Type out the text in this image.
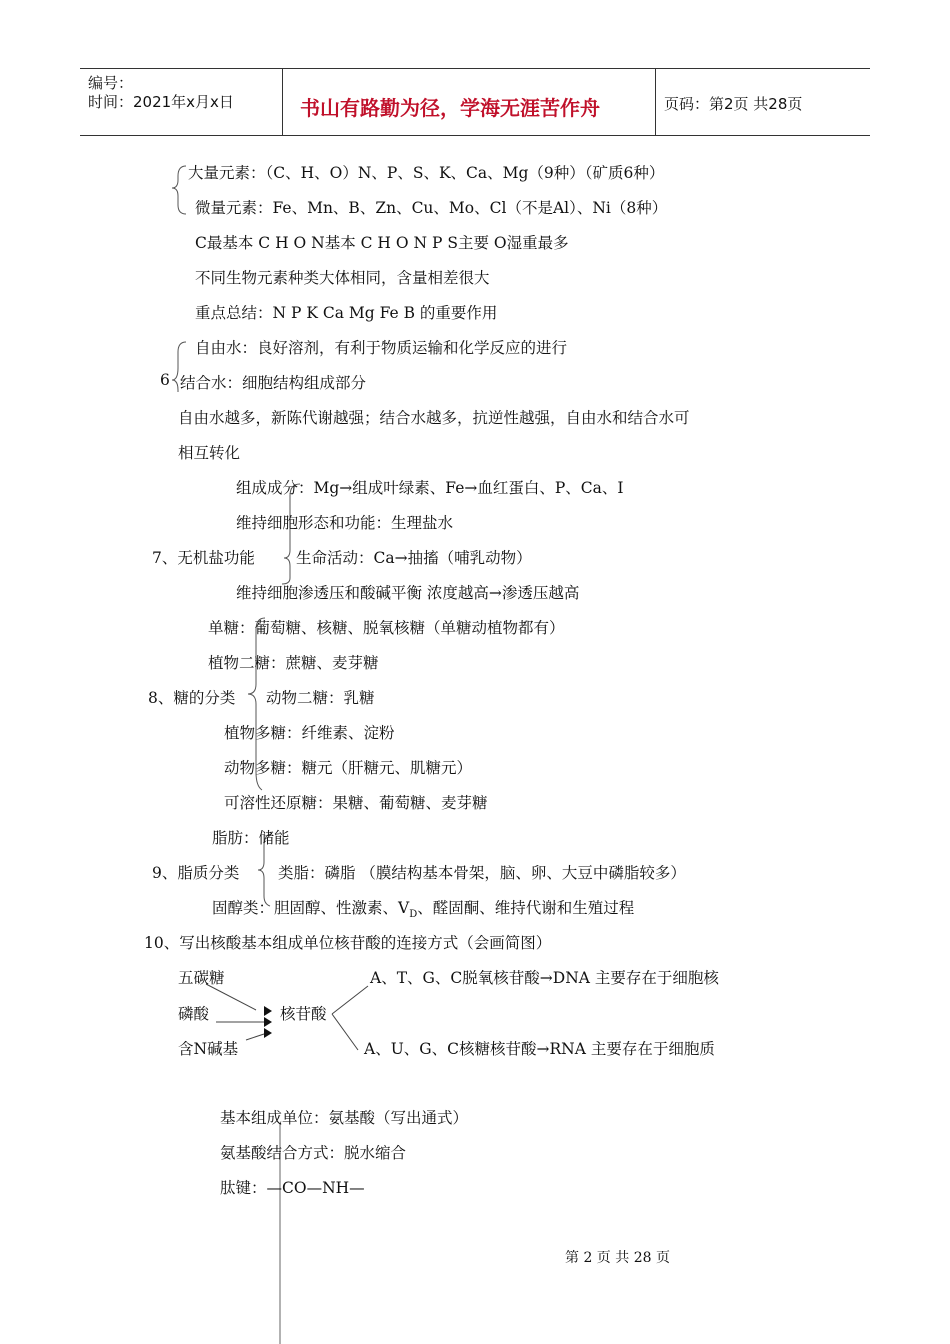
编号：
时间：2021年x月x日	书山有路勤为径，学海无涯苦作舟	页码：第2页 共28页
大量元素：（C、H、O）N、P、S、K、Ca、Mg（9种）（矿质6种）
微量元素：Fe、Mn、B、Zn、Cu、Mo、Cl（不是Al）、Ni（8种）
C最基本 C H O N基本 C H O N P S主要 O湿重最多
不同生物元素种类大体相同，含量相差很大
重点总结：N P K Ca Mg Fe B 的重要作用
自由水：良好溶剂，有利于物质运输和化学反应的进行
6 结合水：细胞结构组成部分
自由水越多，新陈代谢越强；结合水越多，抗逆性越强，自由水和结合水可
相互转化
组成成分：Mg→组成叶绿素、Fe→血红蛋白、P、Ca、I
维持细胞形态和功能：生理盐水
7、无机盐功能	生命活动：Ca→抽搐（哺乳动物）
维持细胞渗透压和酸碱平衡 浓度越高→渗透压越高
单糖：葡萄糖、核糖、脱氧核糖（单糖动植物都有）
植物二糖：蔗糖、麦芽糖
8、糖的分类 动物二糖：乳糖
植物多糖：纤维素、淀粉
动物多糖：糖元（肝糖元、肌糖元）
可溶性还原糖：果糖、葡萄糖、麦芽糖
脂肪：储能
9、脂质分类 类脂：磷脂 （膜结构基本骨架，脑、卵、大豆中磷脂较多）
固醇类：胆固醇、性激素、$V_D$、醛固酮、维持代谢和生殖过程
10、写出核酸基本组成单位核苷酸的连接方式（会画简图）
五碳糖
磷酸
含N碱基
核苷酸
A、T、G、C脱氧核苷酸→DNA 主要存在于细胞核
A、U、G、C核糖核苷酸→RNA 主要存在于细胞质
基本组成单位：氨基酸（写出通式）
氨基酸结合方式：脱水缩合
肽键：—CO—NH—
第 2 页 共 28 页
